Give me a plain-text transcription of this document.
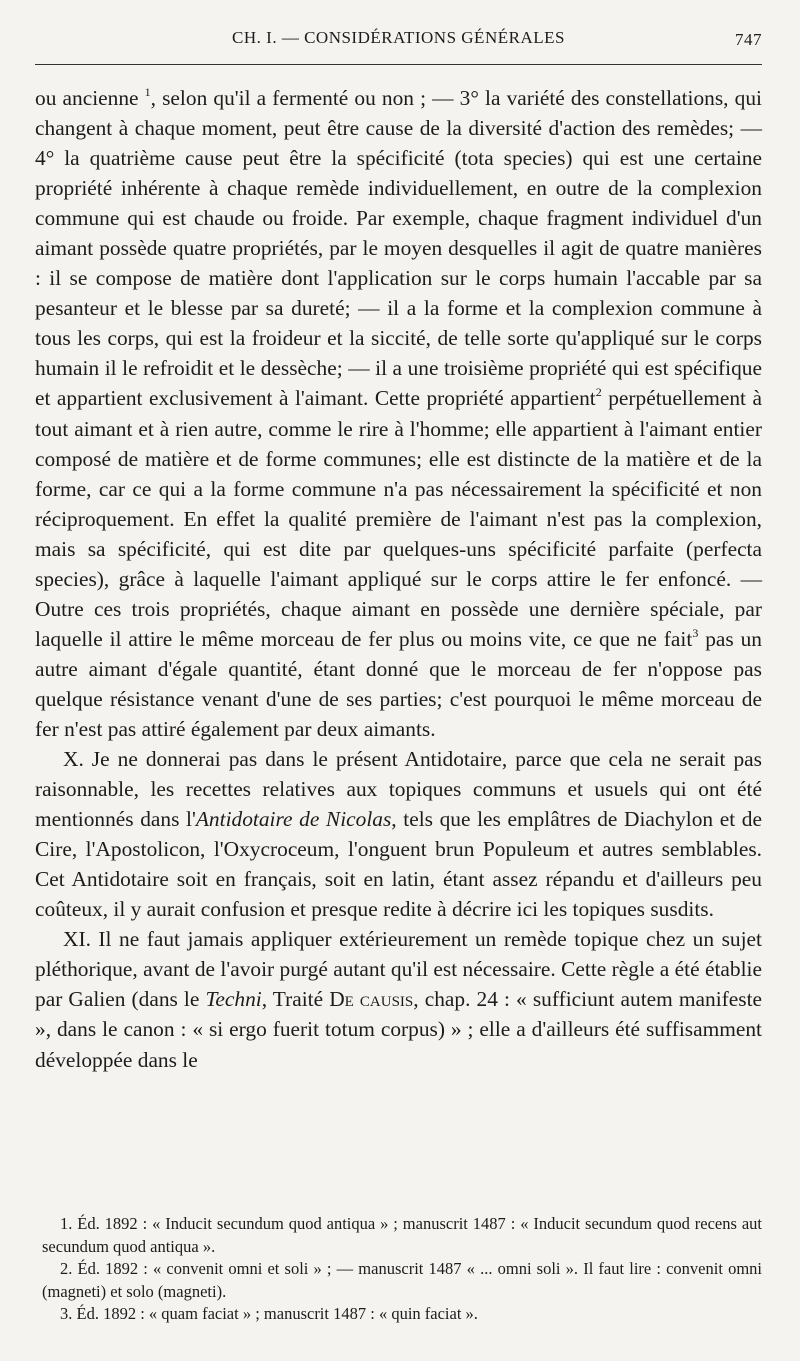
CH. I. — CONSIDÉRATIONS GÉNÉRALES	747

ou ancienne $^1$, selon qu'il a fermenté ou non ; — 3° la variété des constellations, qui changent à chaque moment, peut être cause de la diversité d'action des remèdes; — 4° la quatrième cause peut être la spécificité (tota species) qui est une certaine propriété inhérente à chaque remède individuellement, en outre de la complexion commune qui est chaude ou froide. Par exemple, chaque fragment individuel d'un aimant possède quatre propriétés, par le moyen desquelles il agit de quatre manières : il se compose de matière dont l'application sur le corps humain l'accable par sa pesanteur et le blesse par sa dureté; — il a la forme et la complexion commune à tous les corps, qui est la froideur et la siccité, de telle sorte qu'appliqué sur le corps humain il le refroidit et le dessèche; — il a une troisième propriété qui est spécifique et appartient exclusivement à l'aimant. Cette propriété appartient$^2$ perpétuellement à tout aimant et à rien autre, comme le rire à l'homme; elle appartient à l'aimant entier composé de matière et de forme communes; elle est distincte de la matière et de la forme, car ce qui a la forme commune n'a pas nécessairement la spécificité et non réciproquement. En effet la qualité première de l'aimant n'est pas la complexion, mais sa spécificité, qui est dite par quelques-uns spécificité parfaite (perfecta species), grâce à laquelle l'aimant appliqué sur le corps attire le fer enfoncé. — Outre ces trois propriétés, chaque aimant en possède une dernière spéciale, par laquelle il attire le même morceau de fer plus ou moins vite, ce que ne fait$^3$ pas un autre aimant d'égale quantité, étant donné que le morceau de fer n'oppose pas quelque résistance venant d'une de ses parties; c'est pourquoi le même morceau de fer n'est pas attiré également par deux aimants.

X. Je ne donnerai pas dans le présent Antidotaire, parce que cela ne serait pas raisonnable, les recettes relatives aux topiques communs et usuels qui ont été mentionnés dans l'Antidotaire de Nicolas, tels que les emplâtres de Diachylon et de Cire, l'Apostolicon, l'Oxycroceum, l'onguent brun Populeum et autres semblables. Cet Antidotaire soit en français, soit en latin, étant assez répandu et d'ailleurs peu coûteux, il y aurait confusion et presque redite à décrire ici les topiques susdits.

XI. Il ne faut jamais appliquer extérieurement un remède topique chez un sujet pléthorique, avant de l'avoir purgé autant qu'il est nécessaire. Cette règle a été établie par Galien (dans le Techni, Traité De causis, chap. 24 : « sufficiunt autem manifeste », dans le canon : « si ergo fuerit totum corpus) » ; elle a d'ailleurs été suffisamment développée dans le

1. Éd. 1892 : « Inducit secundum quod antiqua » ; manuscrit 1487 : « Inducit secundum quod recens aut secundum quod antiqua ».

2. Éd. 1892 : « convenit omni et soli » ; — manuscrit 1487 « ... omni soli ». Il faut lire : convenit omni (magneti) et solo (magneti).

3. Éd. 1892 : « quam faciat » ; manuscrit 1487 : « quin faciat ».
